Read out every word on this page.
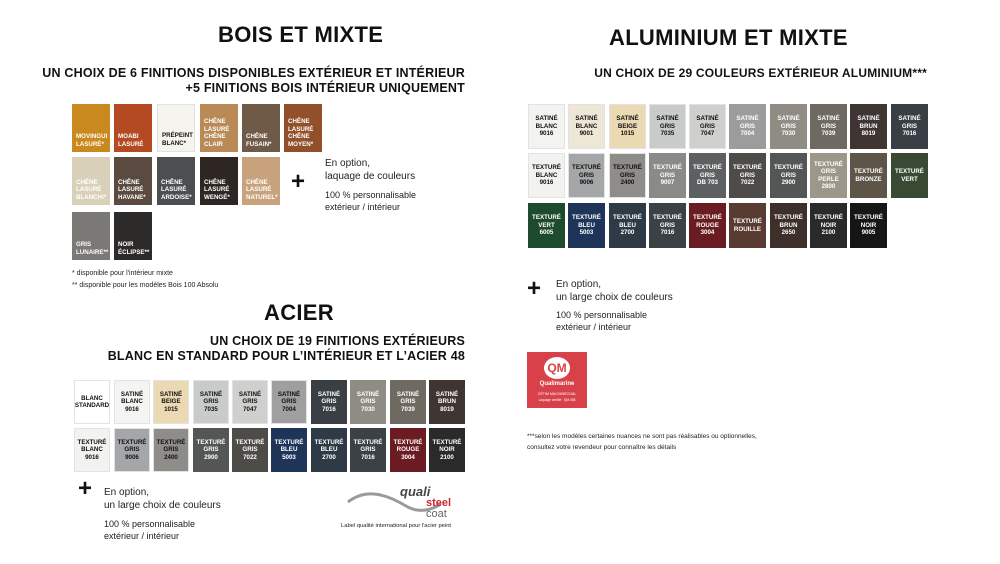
BOIS ET MIXTE
UN CHOIX DE 6 FINITIONS DISPONIBLES EXTÉRIEUR ET INTÉRIEUR
+5 FINITIONS BOIS INTÉRIEUR UNIQUEMENT
MOVINGUI
LASURÉ*
MOABI
LASURÉ
PRÉPEINT
BLANC*
CHÊNE
LASURÉ
CHÊNE
CLAIR
CHÊNE
FUSAIN*
CHÊNE
LASURÉ
CHÊNE
MOYEN*
CHÊNE
LASURÉ
BLANCHI*
CHÊNE
LASURÉ
HAVANE*
CHÊNE
LASURÉ
ARDOISE*
CHÊNE
LASURÉ
WENGÉ*
CHÊNE
LASURÉ
NATUREL*
GRIS
LUNAIRE**
NOIR
ÉCLIPSE**
+
En option,
laquage de couleurs
100 % personnalisable
extérieur / intérieur
* disponible pour l'intérieur mixte
** disponible pour les modèles Bois 100 Absolu
ACIER
UN CHOIX DE 19 FINITIONS EXTÉRIEURS
BLANC EN STANDARD POUR L’INTÉRIEUR ET L’ACIER 48
BLANC
STANDARD
SATINÉ
BLANC
9016
SATINÉ
BEIGE
1015
SATINÉ
GRIS
7035
SATINÉ
GRIS
7047
SATINÉ
GRIS
7004
SATINÉ
GRIS
7016
SATINÉ
GRIS
7030
SATINÉ
GRIS
7039
SATINÉ
BRUN
8019
TEXTURÉ
BLANC
9016
TEXTURÉ
GRIS
9006
TEXTURÉ
GRIS
2400
TEXTURÉ
GRIS
2900
TEXTURÉ
GRIS
7022
TEXTURÉ
BLEU
5003
TEXTURÉ
BLEU
2700
TEXTURÉ
GRIS
7016
TEXTURÉ
ROUGE
3004
TEXTURÉ
NOIR
2100
+ En option,
un large choix de couleurs
100 % personnalisable
extérieur / intérieur
quali
steel
coat
Label qualité international pour l'acier peint
ALUMINIUM ET MIXTE
UN CHOIX DE 29 COULEURS EXTÉRIEUR ALUMINIUM***
SATINÉ
BLANC
9016
SATINÉ
BLANC
9001
SATINÉ
BEIGE
1015
SATINÉ
GRIS
7035
SATINÉ
GRIS
7047
SATINÉ
GRIS
7004
SATINÉ
GRIS
7030
SATINÉ
GRIS
7039
SATINÉ
BRUN
8019
SATINÉ
GRIS
7016
TEXTURÉ
BLANC
9016
TEXTURÉ
GRIS
9006
TEXTURÉ
GRIS
2400
TEXTURÉ
GRIS
9007
TEXTURÉ
GRIS
DB 703
TEXTURÉ
GRIS
7022
TEXTURÉ
GRIS
2900
TEXTURÉ
GRIS PERLE
2800
TEXTURÉ
BRONZE
TEXTURÉ
VERT
TEXTURÉ
VERT
6005
TEXTURÉ
BLEU
5003
TEXTURÉ
BLEU
2700
TEXTURÉ
GRIS
7016
TEXTURÉ
ROUGE
3004
TEXTURÉ
ROUILLE
TEXTURÉ
BRUN
2650
TEXTURÉ
NOIR
2100
TEXTURÉ
NOIR
9005
+ En option,
un large choix de couleurs
100 % personnalisable
extérieur / intérieur
QM
Qualimarine
CÉTIM MACHINECOAL
Laquage certifié : QM-058
***selon les modèles certaines nuances ne sont pas réalisables ou optionnelles,
consultez votre revendeur pour connaître les détails
